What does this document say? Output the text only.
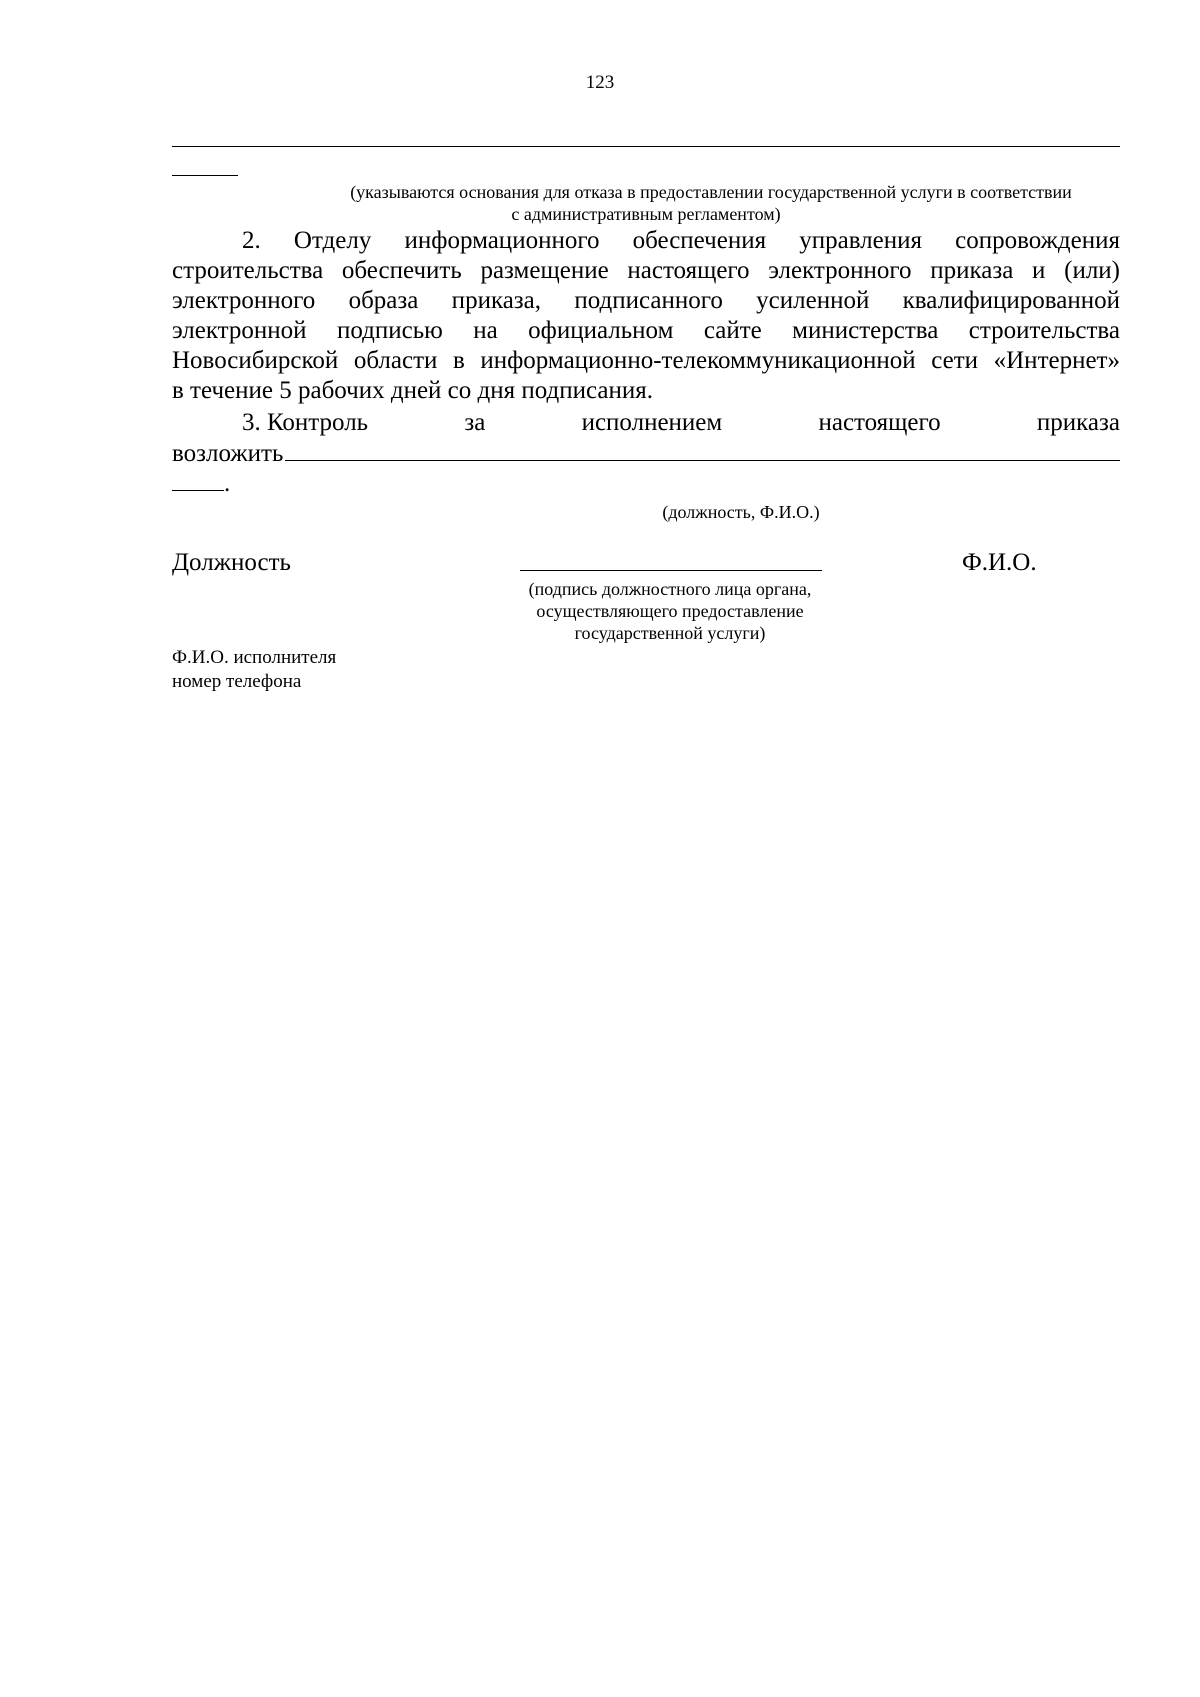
123
(указываются основания для отказа в предоставлении государственной услуги в соответствии
с административным регламентом)
2. Отделу информационного обеспечения управления сопровождения
строительства обеспечить размещение настоящего электронного приказа и (или) электронного образа приказа, подписанного усиленной квалифицированной электронной подписью на официальном сайте министерства строительства Новосибирской области в информационно-телекоммуникационной сети «Интернет»
в течение 5 рабочих дней со дня подписания.
3. Контроль	за	исполнением	настоящего	приказа
возложить
.
(должность, Ф.И.О.)
Должность	Ф.И.О.
(подпись должностного лица органа,
осуществляющего предоставление
государственной услуги)
Ф.И.О. исполнителя
номер телефона
